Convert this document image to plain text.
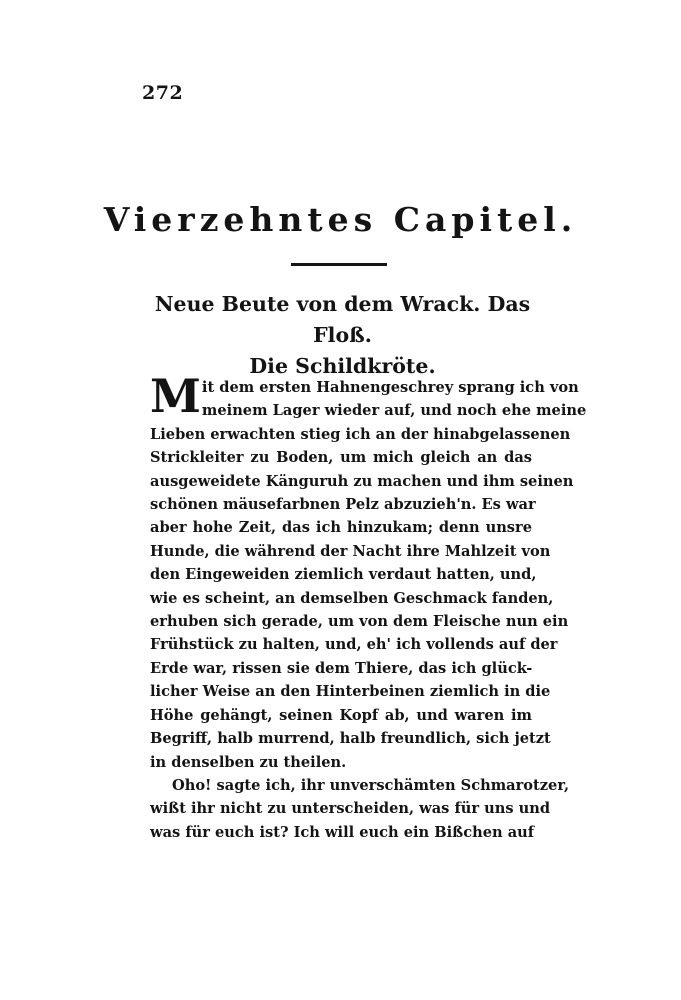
272
Vierzehntes Capitel.
Neue Beute von dem Wrack. Das Floß.
Die Schildkröte.
M it dem ersten Hahnengeschrey sprang ich von
meinem Lager wieder auf, und noch ehe meine
Lieben erwachten stieg ich an der hinabgelassenen
Strickleiter zu Boden, um mich gleich an das
ausgeweidete Känguruh zu machen und ihm seinen
schönen mäusefarbnen Pelz abzuzieh'n. Es war
aber hohe Zeit, das ich hinzukam; denn unsre
Hunde, die während der Nacht ihre Mahlzeit von
den Eingeweiden ziemlich verdaut hatten, und,
wie es scheint, an demselben Geschmack fanden,
erhuben sich gerade, um von dem Fleische nun ein
Frühstück zu halten, und, eh' ich vollends auf der
Erde war, rissen sie dem Thiere, das ich glück-
licher Weise an den Hinterbeinen ziemlich in die
Höhe gehängt, seinen Kopf ab, und waren im
Begriff, halb murrend, halb freundlich, sich jetzt
in denselben zu theilen.
Oho! sagte ich, ihr unverschämten Schmarotzer,
wißt ihr nicht zu unterscheiden, was für uns und
was für euch ist? Ich will euch ein Bißchen auf
